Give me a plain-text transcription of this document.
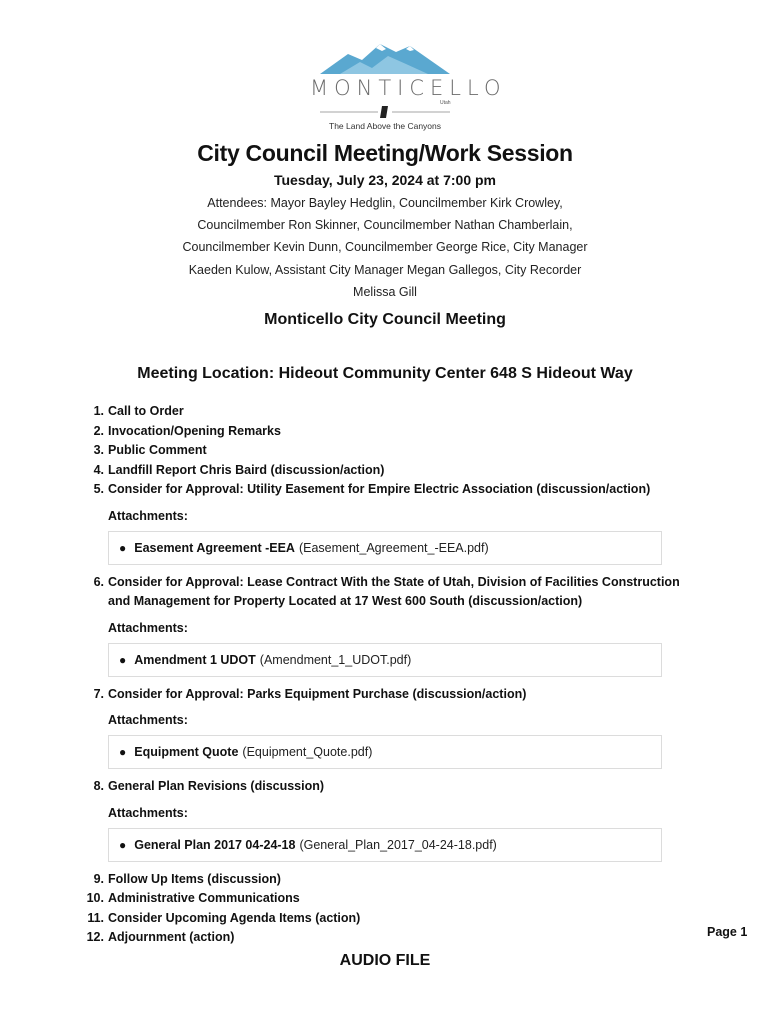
MONTICELLO
Utah
The Land Above the Canyons
City Council Meeting/Work Session
Tuesday, July 23, 2024 at 7:00 pm
Attendees: Mayor Bayley Hedglin, Councilmember Kirk Crowley,
Councilmember Ron Skinner, Councilmember Nathan Chamberlain,
Councilmember Kevin Dunn, Councilmember George Rice, City Manager
Kaeden Kulow, Assistant City Manager Megan Gallegos, City Recorder
Melissa Gill
Monticello City Council Meeting
Meeting Location: Hideout Community Center 648 S Hideout Way
1. Call to Order
2. Invocation/Opening Remarks
3. Public Comment
4. Landfill Report Chris Baird (discussion/action)
5. Consider for Approval: Utility Easement for Empire Electric Association (discussion/action)
Attachments:
● Easement Agreement -EEA (Easement_Agreement_-EEA.pdf)
6. Consider for Approval: Lease Contract With the State of Utah, Division of Facilities Construction and Management for Property Located at 17 West 600 South (discussion/action)
Attachments:
● Amendment 1 UDOT (Amendment_1_UDOT.pdf)
7. Consider for Approval: Parks Equipment Purchase (discussion/action)
Attachments:
● Equipment Quote (Equipment_Quote.pdf)
8. General Plan Revisions (discussion)
Attachments:
● General Plan 2017 04-24-18 (General_Plan_2017_04-24-18.pdf)
9. Follow Up Items (discussion)
10. Administrative Communications
11. Consider Upcoming Agenda Items (action)
12. Adjournment (action)	Page 1
AUDIO FILE
